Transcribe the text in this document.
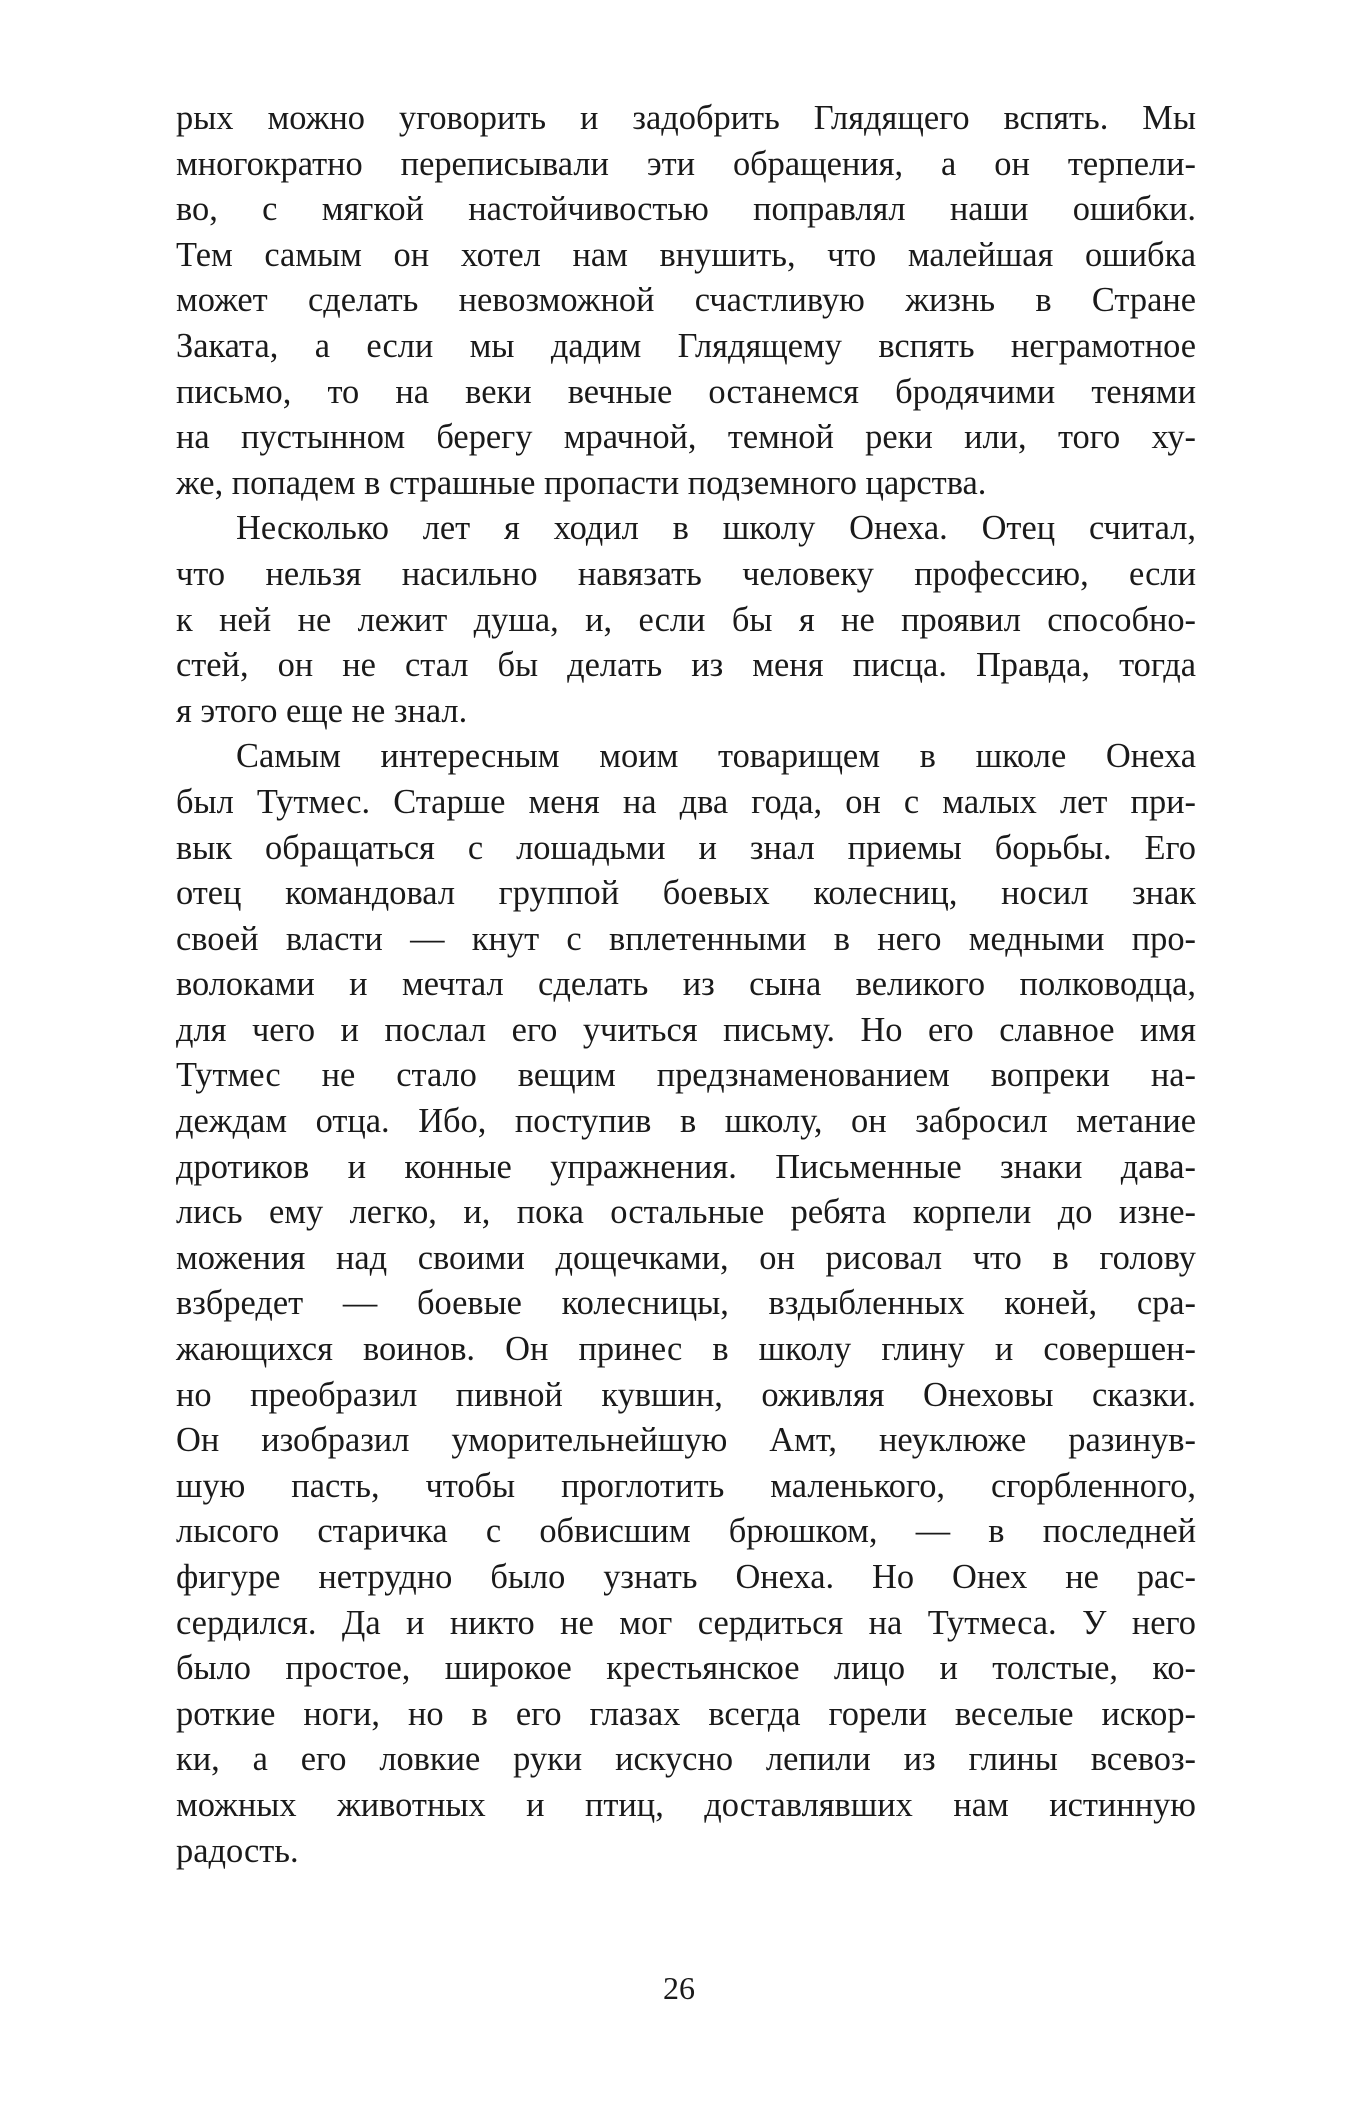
рых можно уговорить и задобрить Глядящего вспять. Мы
многократно переписывали эти обращения, а он терпели-
во, с мягкой настойчивостью поправлял наши ошибки.
Тем самым он хотел нам внушить, что малейшая ошибка
может сделать невозможной счастливую жизнь в Стране
Заката, а если мы дадим Глядящему вспять неграмотное
письмо, то на веки вечные останемся бродячими тенями
на пустынном берегу мрачной, темной реки или, того ху-
же, попадем в страшные пропасти подземного царства.
Несколько лет я ходил в школу Онеха. Отец считал,
что нельзя насильно навязать человеку профессию, если
к ней не лежит душа, и, если бы я не проявил способно-
стей, он не стал бы делать из меня писца. Правда, тогда
я этого еще не знал.
Самым интересным моим товарищем в школе Онеха
был Тутмес. Старше меня на два года, он с малых лет при-
вык обращаться с лошадьми и знал приемы борьбы. Его
отец командовал группой боевых колесниц, носил знак
своей власти — кнут с вплетенными в него медными про-
волоками и мечтал сделать из сына великого полководца,
для чего и послал его учиться письму. Но его славное имя
Тутмес не стало вещим предзнаменованием вопреки на-
деждам отца. Ибо, поступив в школу, он забросил метание
дротиков и конные упражнения. Письменные знаки дава-
лись ему легко, и, пока остальные ребята корпели до изне-
можения над своими дощечками, он рисовал что в голову
взбредет — боевые колесницы, вздыбленных коней, сра-
жающихся воинов. Он принес в школу глину и совершен-
но преобразил пивной кувшин, оживляя Онеховы сказки.
Он изобразил уморительнейшую Амт, неуклюже разинув-
шую пасть, чтобы проглотить маленького, сгорбленного,
лысого старичка с обвисшим брюшком, — в последней
фигуре нетрудно было узнать Онеха. Но Онех не рас-
сердился. Да и никто не мог сердиться на Тутмеса. У него
было простое, широкое крестьянское лицо и толстые, ко-
роткие ноги, но в его глазах всегда горели веселые искор-
ки, а его ловкие руки искусно лепили из глины всевоз-
можных животных и птиц, доставлявших нам истинную
радость.
26
